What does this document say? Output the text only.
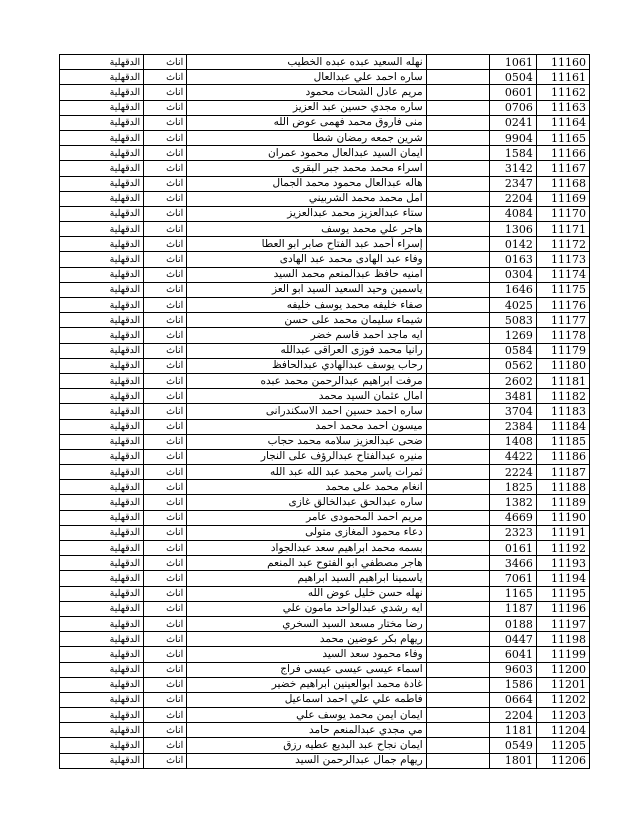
الدقهلية	اناث	نهله السعيد عبده عبده الخطيب		1061	11160
الدقهلية	اناث	ساره احمد علي عبدالعال		0504	11161
الدقهلية	اناث	مريم عادل الشحات محمود		0601	11162
الدقهلية	اناث	ساره مجدي حسين عبد العزيز		0706	11163
الدقهلية	اناث	منى فاروق محمد فهمى عوض الله		0241	11164
الدقهلية	اناث	شرين جمعه رمضان شطا		9904	11165
الدقهلية	اناث	ايمان السيد عبدالعال محمود عمران		1584	11166
الدقهلية	اناث	اسراء محمد محمد جبر البقرى		3142	11167
الدقهلية	اناث	هاله عبدالعال محمود محمد الجمال		2347	11168
الدقهلية	اناث	امل محمد محمد الشربيني		2204	11169
الدقهلية	اناث	ستاء عبدالعزيز محمد عبدالعزيز		4084	11170
الدقهلية	اناث	هاجر علي محمد يوسف		1306	11171
الدقهلية	اناث	إسراء أحمد عبد الفتاح صابر ابو العطا		0142	11172
الدقهلية	اناث	وفاء عبد الهادى محمد عبد الهادى		0163	11173
الدقهلية	اناث	امنيه حافظ عبدالمنعم محمد السيد		0304	11174
الدقهلية	اناث	ياسمين وحيد السعيد السيد ابو العز		1646	11175
الدقهلية	اناث	صفاء خليفه محمد يوسف خليفه		4025	11176
الدقهلية	اناث	شيماء سليمان محمد على حسن		5083	11177
الدقهلية	اناث	ايه ماجد احمد قاسم خضر		1269	11178
الدقهلية	اناث	رانيا محمد فوزى العراقى عبدالله		0584	11179
الدقهلية	اناث	رحاب يوسف عبدالهادي عبدالحافظ		0562	11180
الدقهلية	اناث	مرفت ابراهيم عبدالرحمن محمد عبده		2602	11181
الدقهلية	اناث	امال عثمان السيد محمد		3481	11182
الدقهلية	اناث	ساره احمد حسين احمد الاسكندرانى		3704	11183
الدقهلية	اناث	ميسون احمد محمد احمد		2384	11184
الدقهلية	اناث	ضحى عبدالعزيز سلامه محمد حجاب		1408	11185
الدقهلية	اناث	منيره عبدالفتاح عبدالرؤف على النجار		4422	11186
الدقهلية	اناث	ثمرات ياسر محمد عبد الله عبد الله		2224	11187
الدقهلية	اناث	انغام محمد على محمد		1825	11188
الدقهلية	اناث	ساره عبدالحق عبدالخالق غازى		1382	11189
الدقهلية	اناث	مريم احمد المحمودى عامر		4669	11190
الدقهلية	اناث	دعاء محمود المغازى متولى		2323	11191
الدقهلية	اناث	بسمه محمد ابراهيم سعد عبدالجواد		0161	11192
الدقهلية	اناث	هاجر مصطفي ابو الفتوح عبد المنعم		3466	11193
الدقهلية	اناث	ياسمينا ابراهيم السيد ابراهيم		7061	11194
الدقهلية	اناث	نهله حسن خليل عوض الله		1165	11195
الدقهلية	اناث	ايه رشدي عبدالواحد مامون علي		1187	11196
الدقهلية	اناث	رضا مختار مسعد السيد السخري		0188	11197
الدقهلية	اناث	ريهام بكر عوضين محمد		0447	11198
الدقهلية	اناث	وفاء محمود سعد السيد		6041	11199
الدقهلية	اناث	اسماء عيسى عيسى عيسى فراج		9603	11200
الدقهلية	اناث	غادة محمد ابوالعينين ابراهيم خضير		1586	11201
الدقهلية	اناث	فاطمه علي علي احمد اسماعيل		0664	11202
الدقهلية	اناث	ايمان ايمن محمد يوسف علي		2204	11203
الدقهلية	اناث	مي مجدي عبدالمنعم حامد		1181	11204
الدقهلية	اناث	ايمان نجاح عبد البديع عطيه رزق		0549	11205
الدقهلية	اناث	ريهام جمال عبدالرحمن السيد		1801	11206
